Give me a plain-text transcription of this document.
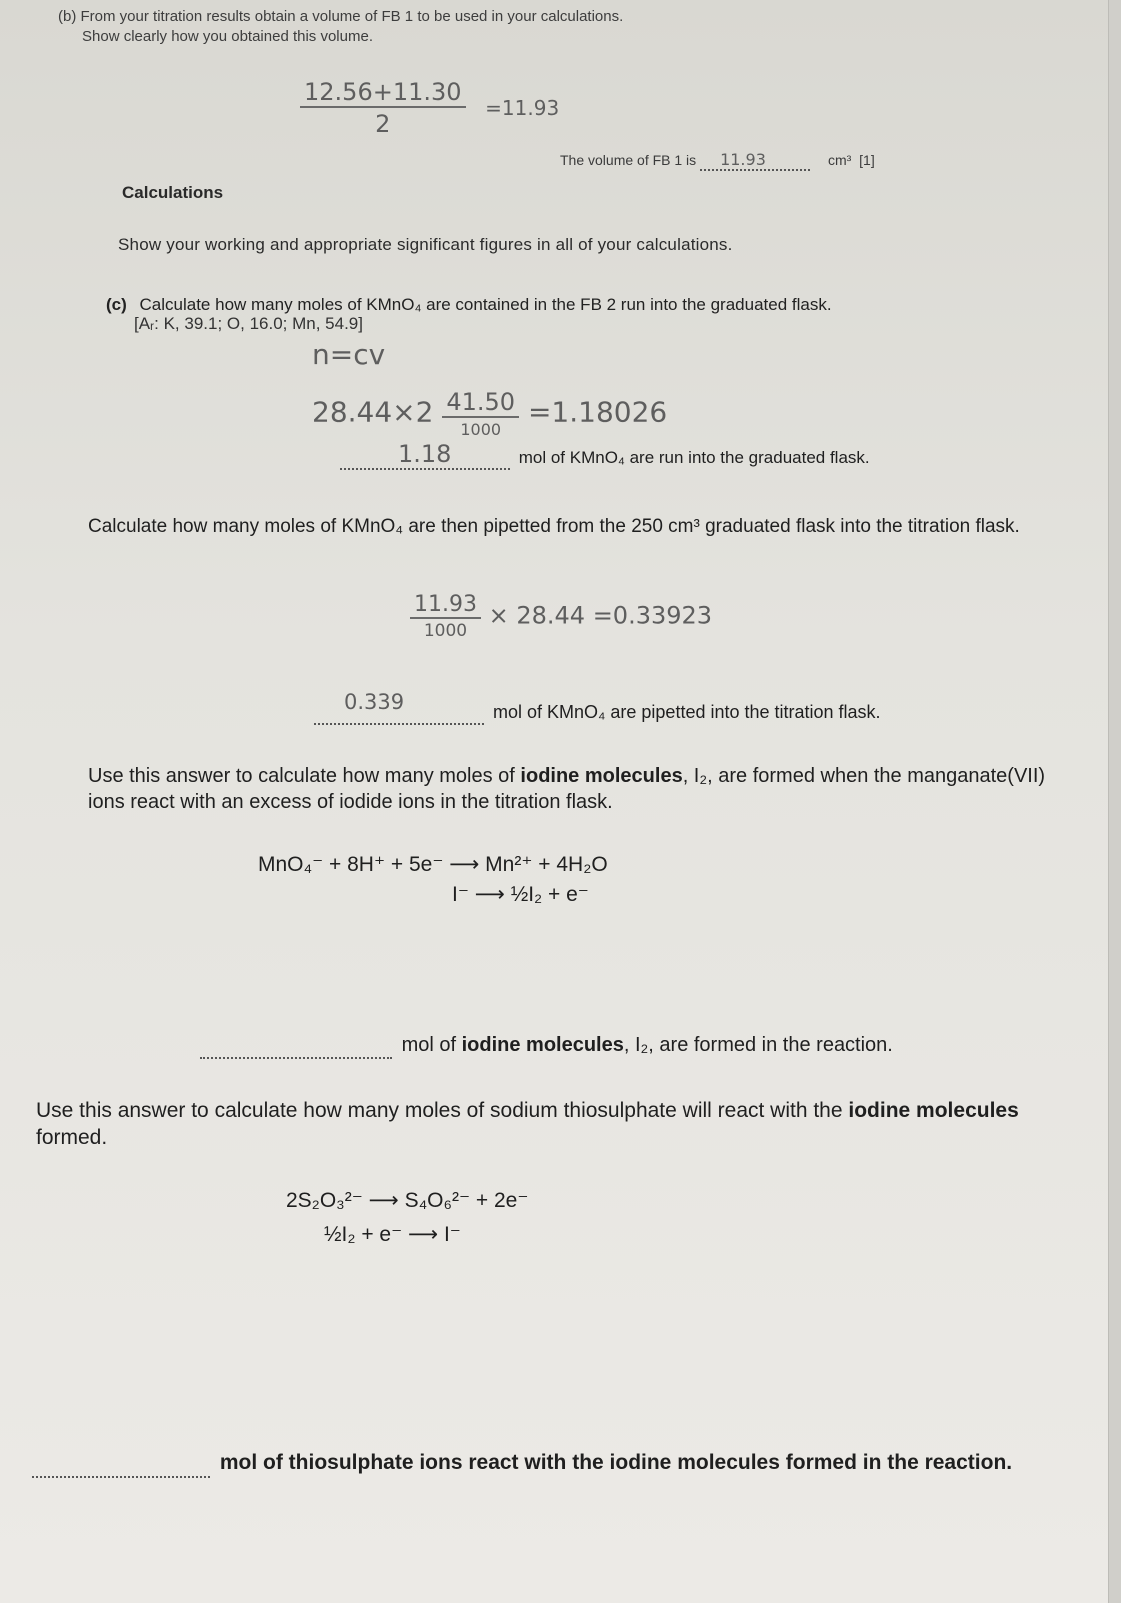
(b) From your titration results obtain a volume of FB 1 to be used in your calculations.
Show clearly how you obtained this volume.
$\frac{12.56+11.30}{2} =11.93$
The volume of FB 1 is 11.93	cm³ [1]
Calculations
Show your working and appropriate significant figures in all of your calculations.
(c) Calculate how many moles of KMnO₄ are contained in the FB 2 run into the graduated flask.
[Aᵣ: K, 39.1; O, 16.0; Mn, 54.9]
n=cv
$28.44\times 2 \frac{41.50}{1000} =1.18026$
1.18	mol of KMnO₄ are run into the graduated flask.
Calculate how many moles of KMnO₄ are then pipetted from the 250 cm³ graduated flask into the titration flask.
$\frac{11.93}{1000} \times 28.44 =0.33923$
0.339	mol of KMnO₄ are pipetted into the titration flask.
Use this answer to calculate how many moles of iodine molecules, I₂, are formed when the manganate(VII) ions react with an excess of iodide ions in the titration flask.
MnO₄⁻ + 8H⁺ + 5e⁻ ⟶ Mn²⁺ + 4H₂O
I⁻ ⟶ ½I₂ + e⁻
mol of iodine molecules, I₂, are formed in the reaction.
Use this answer to calculate how many moles of sodium thiosulphate will react with the iodine molecules formed.
2S₂O₃²⁻ ⟶ S₄O₆²⁻ + 2e⁻
½I₂ + e⁻ ⟶ I⁻
mol of thiosulphate ions react with the iodine molecules formed in the reaction.
